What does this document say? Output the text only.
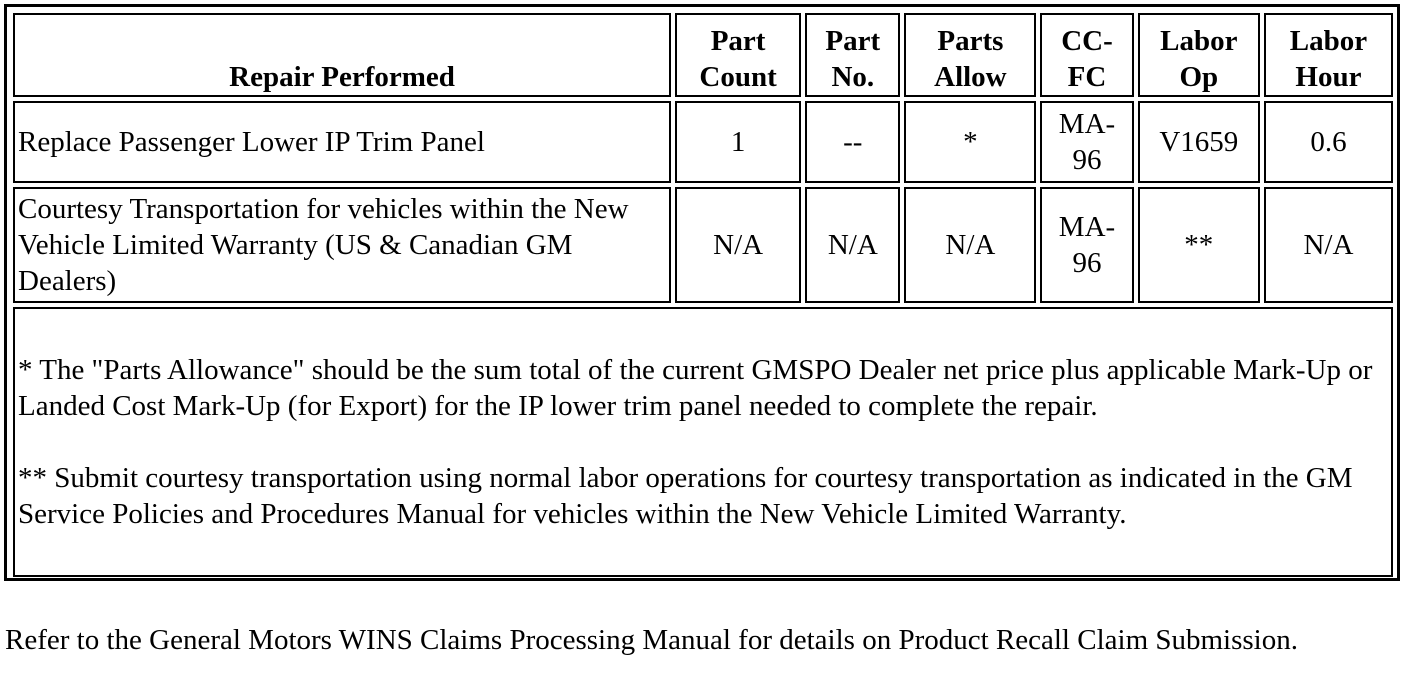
Repair Performed	Part Count	Part No.	Parts Allow	CC-FC	Labor Op	Labor Hour
Replace Passenger Lower IP Trim Panel	1	--	*	MA-96	V1659	0.6
Courtesy Transportation for vehicles within the New Vehicle Limited Warranty (US & Canadian GM Dealers)	N/A	N/A	N/A	MA-96	**	N/A

* The "Parts Allowance" should be the sum total of the current GMSPO Dealer net price plus applicable Mark-Up or Landed Cost Mark-Up (for Export) for the IP lower trim panel needed to complete the repair.

** Submit courtesy transportation using normal labor operations for courtesy transportation as indicated in the GM Service Policies and Procedures Manual for vehicles within the New Vehicle Limited Warranty.						

Refer to the General Motors WINS Claims Processing Manual for details on Product Recall Claim Submission.
